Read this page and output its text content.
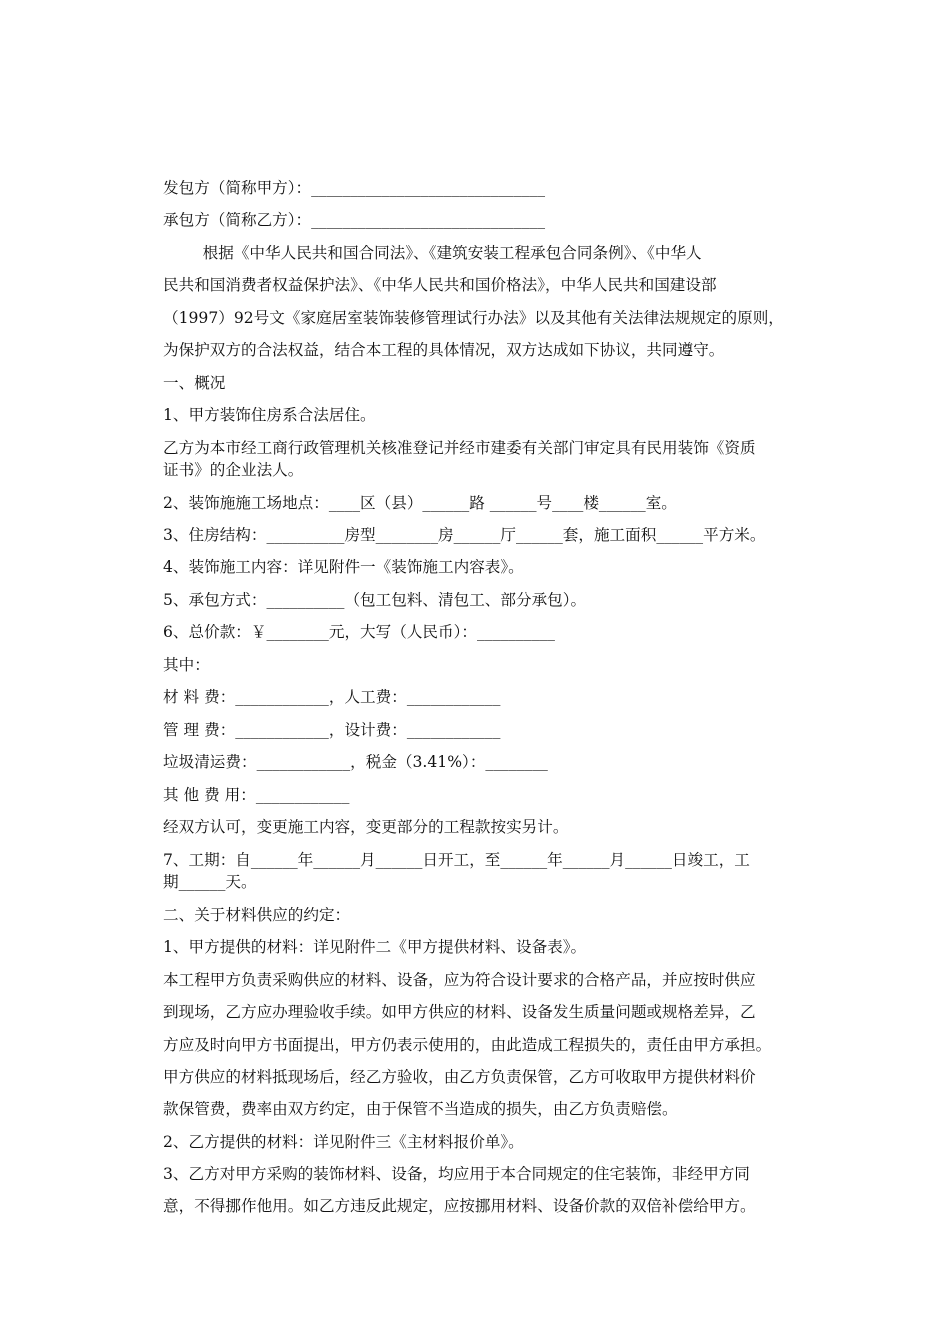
发包方（简称甲方）：______________________________
承包方（简称乙方）：______________________________
根据《中华人民共和国合同法》、《建筑安装工程承包合同条例》、《中华人
民共和国消费者权益保护法》、《中华人民共和国价格法》，中华人民共和国建设部
（1997）92号文《家庭居室装饰装修管理试行办法》以及其他有关法律法规规定的原则，
为保护双方的合法权益，结合本工程的具体情况，双方达成如下协议，共同遵守。
一、概况
1、甲方装饰住房系合法居住。
乙方为本市经工商行政管理机关核准登记并经市建委有关部门审定具有民用装饰《资质
证书》的企业法人。
2、装饰施施工场地点：____区（县）______路 ______号____楼______室。
3、住房结构：__________房型________房______厅______套，施工面积______平方米。
4、装饰施工内容：详见附件一《装饰施工内容表》。
5、承包方式：__________（包工包料、清包工、部分承包）。
6、总价款：￥________元，大写（人民币）：__________
其中：
材 料 费：____________，人工费：____________
管 理 费：____________，设计费：____________
垃圾清运费：____________，税金（3.41%）：________
其 他 费 用：____________
经双方认可，变更施工内容，变更部分的工程款按实另计。
7、工期：自______年______月______日开工，至______年______月______日竣工，工
期______天。
二、关于材料供应的约定：
1、甲方提供的材料：详见附件二《甲方提供材料、设备表》。
本工程甲方负责采购供应的材料、设备，应为符合设计要求的合格产品，并应按时供应
到现场，乙方应办理验收手续。如甲方供应的材料、设备发生质量问题或规格差异，乙
方应及时向甲方书面提出，甲方仍表示使用的，由此造成工程损失的，责任由甲方承担。
甲方供应的材料抵现场后，经乙方验收，由乙方负责保管，乙方可收取甲方提供材料价
款保管费，费率由双方约定，由于保管不当造成的损失，由乙方负责赔偿。
2、乙方提供的材料：详见附件三《主材料报价单》。
3、乙方对甲方采购的装饰材料、设备，均应用于本合同规定的住宅装饰，非经甲方同
意，不得挪作他用。如乙方违反此规定，应按挪用材料、设备价款的双倍补偿给甲方。
